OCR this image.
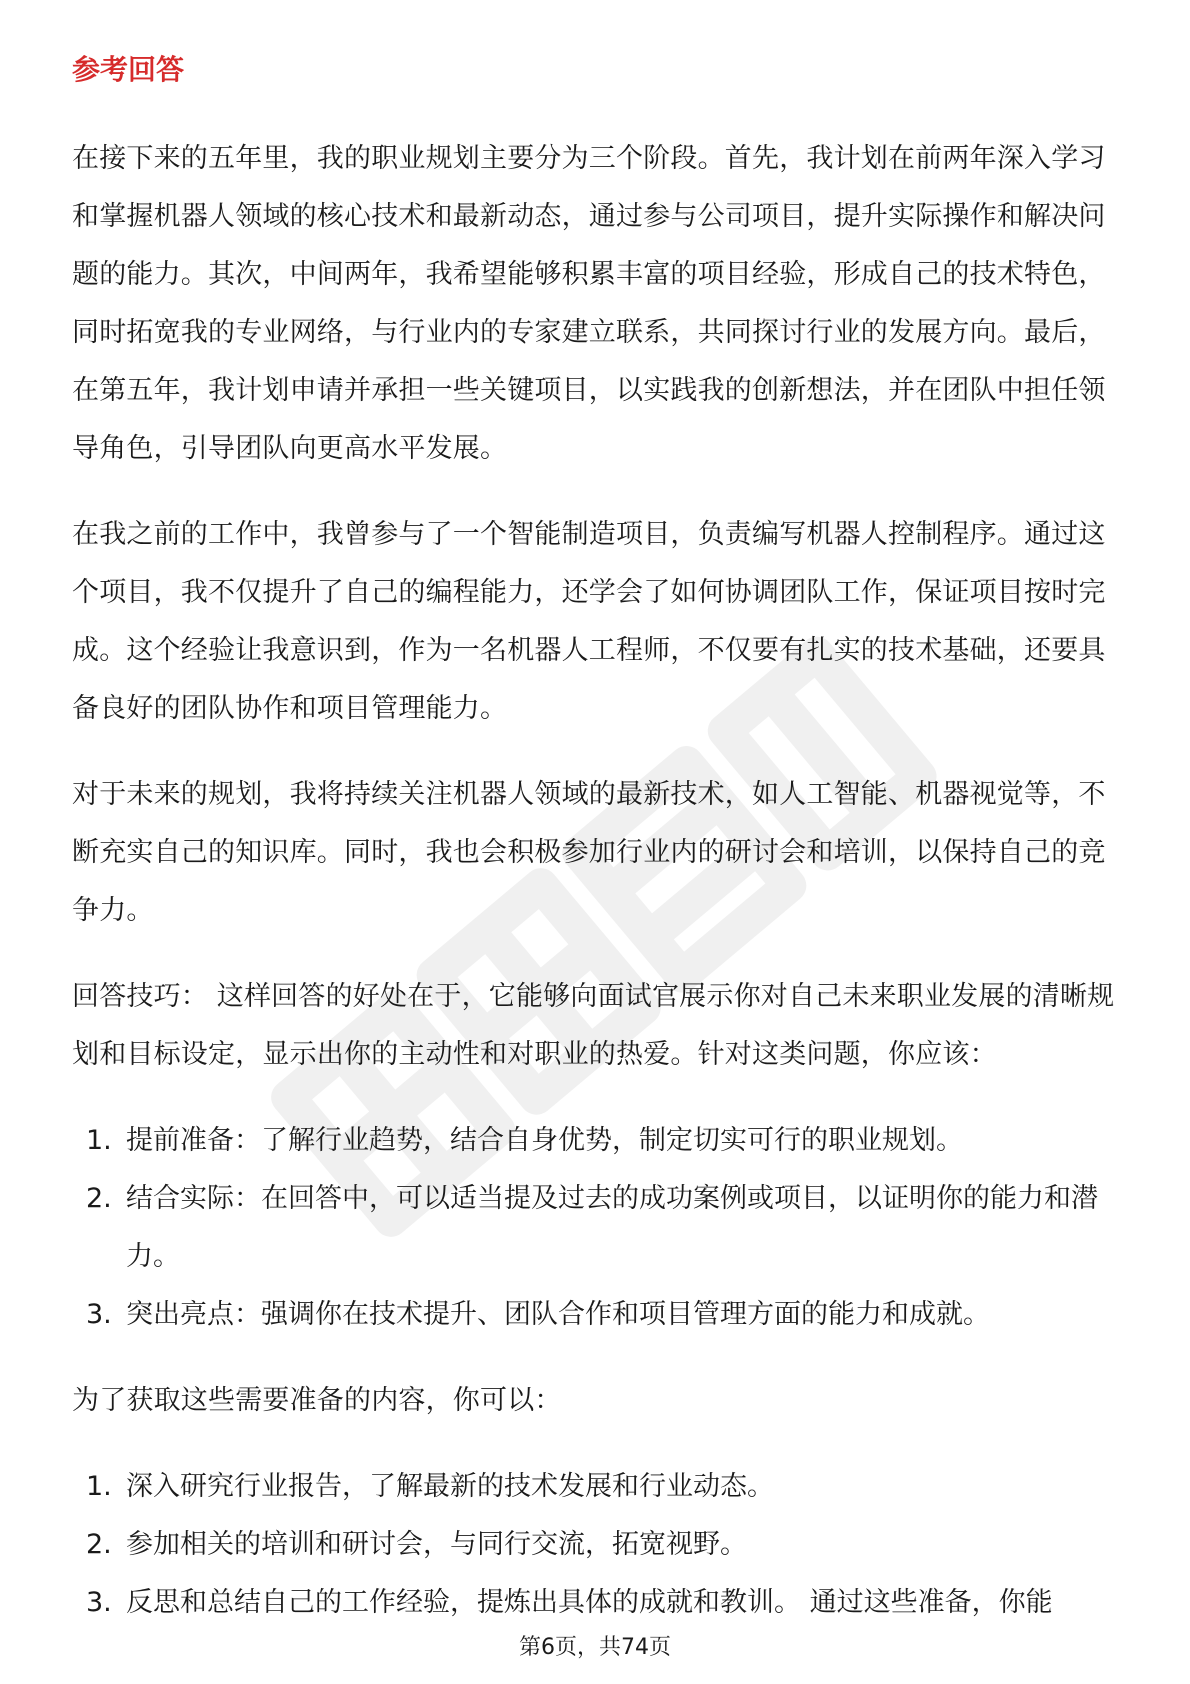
参考回答

在接下来的五年里，我的职业规划主要分为三个阶段。首先，我计划在前两年深入学习和掌握机器人领域的核心技术和最新动态，通过参与公司项目，提升实际操作和解决问题的能力。其次，中间两年，我希望能够积累丰富的项目经验，形成自己的技术特色，同时拓宽我的专业网络，与行业内的专家建立联系，共同探讨行业的发展方向。最后，在第五年，我计划申请并承担一些关键项目，以实践我的创新想法，并在团队中担任领导角色，引导团队向更高水平发展。

在我之前的工作中，我曾参与了一个智能制造项目，负责编写机器人控制程序。通过这个项目，我不仅提升了自己的编程能力，还学会了如何协调团队工作，保证项目按时完成。这个经验让我意识到，作为一名机器人工程师，不仅要有扎实的技术基础，还要具备良好的团队协作和项目管理能力。

对于未来的规划，我将持续关注机器人领域的最新技术，如人工智能、机器视觉等，不断充实自己的知识库。同时，我也会积极参加行业内的研讨会和培训，以保持自己的竞争力。

回答技巧： 这样回答的好处在于，它能够向面试官展示你对自己未来职业发展的清晰规划和目标设定，显示出你的主动性和对职业的热爱。针对这类问题，你应该：

1. 提前准备：了解行业趋势，结合自身优势，制定切实可行的职业规划。
2. 结合实际：在回答中，可以适当提及过去的成功案例或项目，以证明你的能力和潜力。
3. 突出亮点：强调你在技术提升、团队合作和项目管理方面的能力和成就。

为了获取这些需要准备的内容，你可以：

1. 深入研究行业报告，了解最新的技术发展和行业动态。
2. 参加相关的培训和研讨会，与同行交流，拓宽视野。
3. 反思和总结自己的工作经验，提炼出具体的成就和教训。 通过这些准备，你能
第6页，共74页
